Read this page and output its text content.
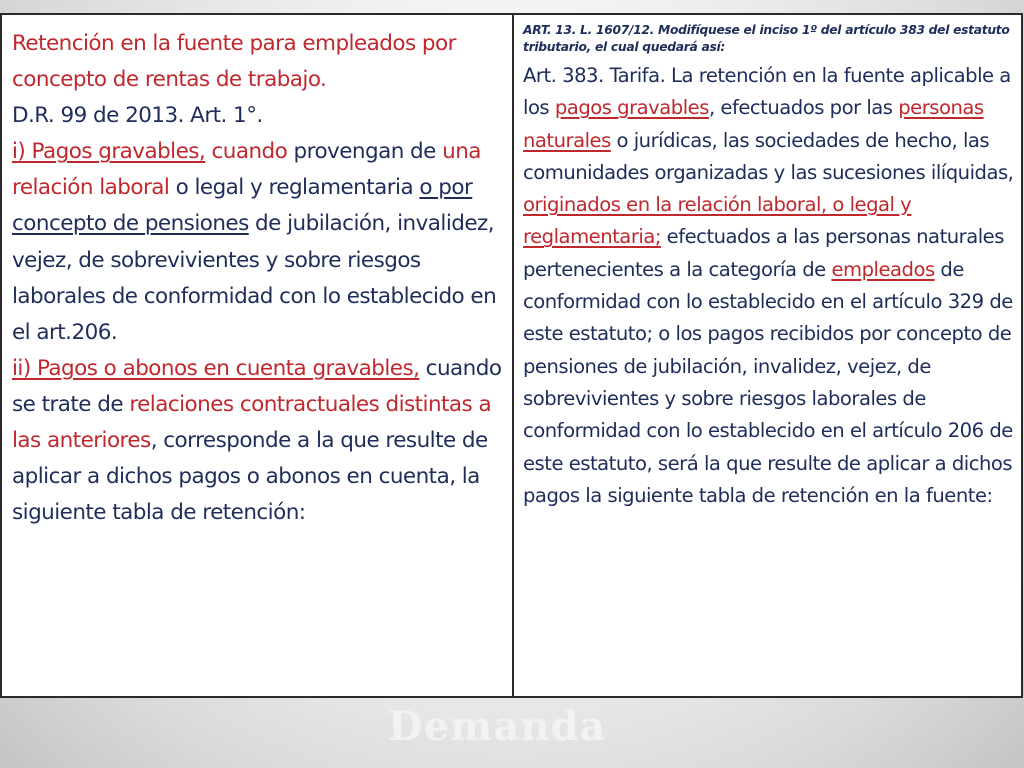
Retención en la fuente para empleados por concepto de rentas de trabajo.
D.R. 99 de 2013. Art. 1°.
i) Pagos gravables, cuando provengan de una relación laboral o legal y reglamentaria o por concepto de pensiones de jubilación, invalidez, vejez, de sobrevivientes y sobre riesgos laborales de conformidad con lo establecido en el art.206.
ii) Pagos o abonos en cuenta gravables, cuando se trate de relaciones contractuales distintas a las anteriores, corresponde a la que resulte de aplicar a dichos pagos o abonos en cuenta, la siguiente tabla de retención:

ART. 13. L. 1607/12. Modifíquese el inciso 1º del artículo 383 del estatuto tributario, el cual quedará así:

Art. 383. Tarifa. La retención en la fuente aplicable a los pagos gravables, efectuados por las personas naturales o jurídicas, las sociedades de hecho, las comunidades organizadas y las sucesiones ilíquidas, originados en la relación laboral, o legal y reglamentaria; efectuados a las personas naturales pertenecientes a la categoría de empleados de conformidad con lo establecido en el artículo 329 de este estatuto; o los pagos recibidos por concepto de pensiones de jubilación, invalidez, vejez, de sobrevivientes y sobre riesgos laborales de conformidad con lo establecido en el artículo 206 de este estatuto, será la que resulte de aplicar a dichos pagos la siguiente tabla de retención en la fuente:

Demanda
